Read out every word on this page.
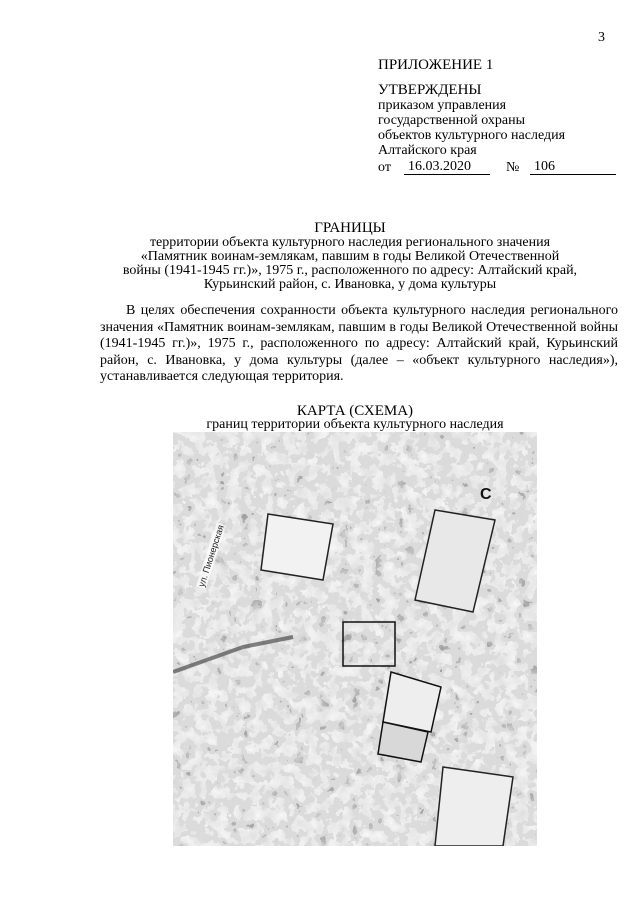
3
ПРИЛОЖЕНИЕ 1
УТВЕРЖДЕНЫ
приказом управления
государственной охраны
объектов культурного наследия
Алтайского края
от	16.03.2020	№	106
ГРАНИЦЫ
территории объекта культурного наследия регионального значения
«Памятник воинам-землякам, павшим в годы Великой Отечественной
войны (1941-1945 гг.)», 1975 г., расположенного по адресу: Алтайский край,
Курьинский район, с. Ивановка, у дома культуры
В целях обеспечения сохранности объекта культурного наследия регионального значения «Памятник воинам-землякам, павшим в годы Великой Отечественной войны (1941-1945 гг.)», 1975 г., расположенного по адресу: Алтайский край, Курьинский район, с. Ивановка, у дома культуры (далее – «объект культурного наследия»), устанавливается следующая территория.
КАРТА (СХЕМА)
границ территории объекта культурного наследия
С
ул. Пионерская
